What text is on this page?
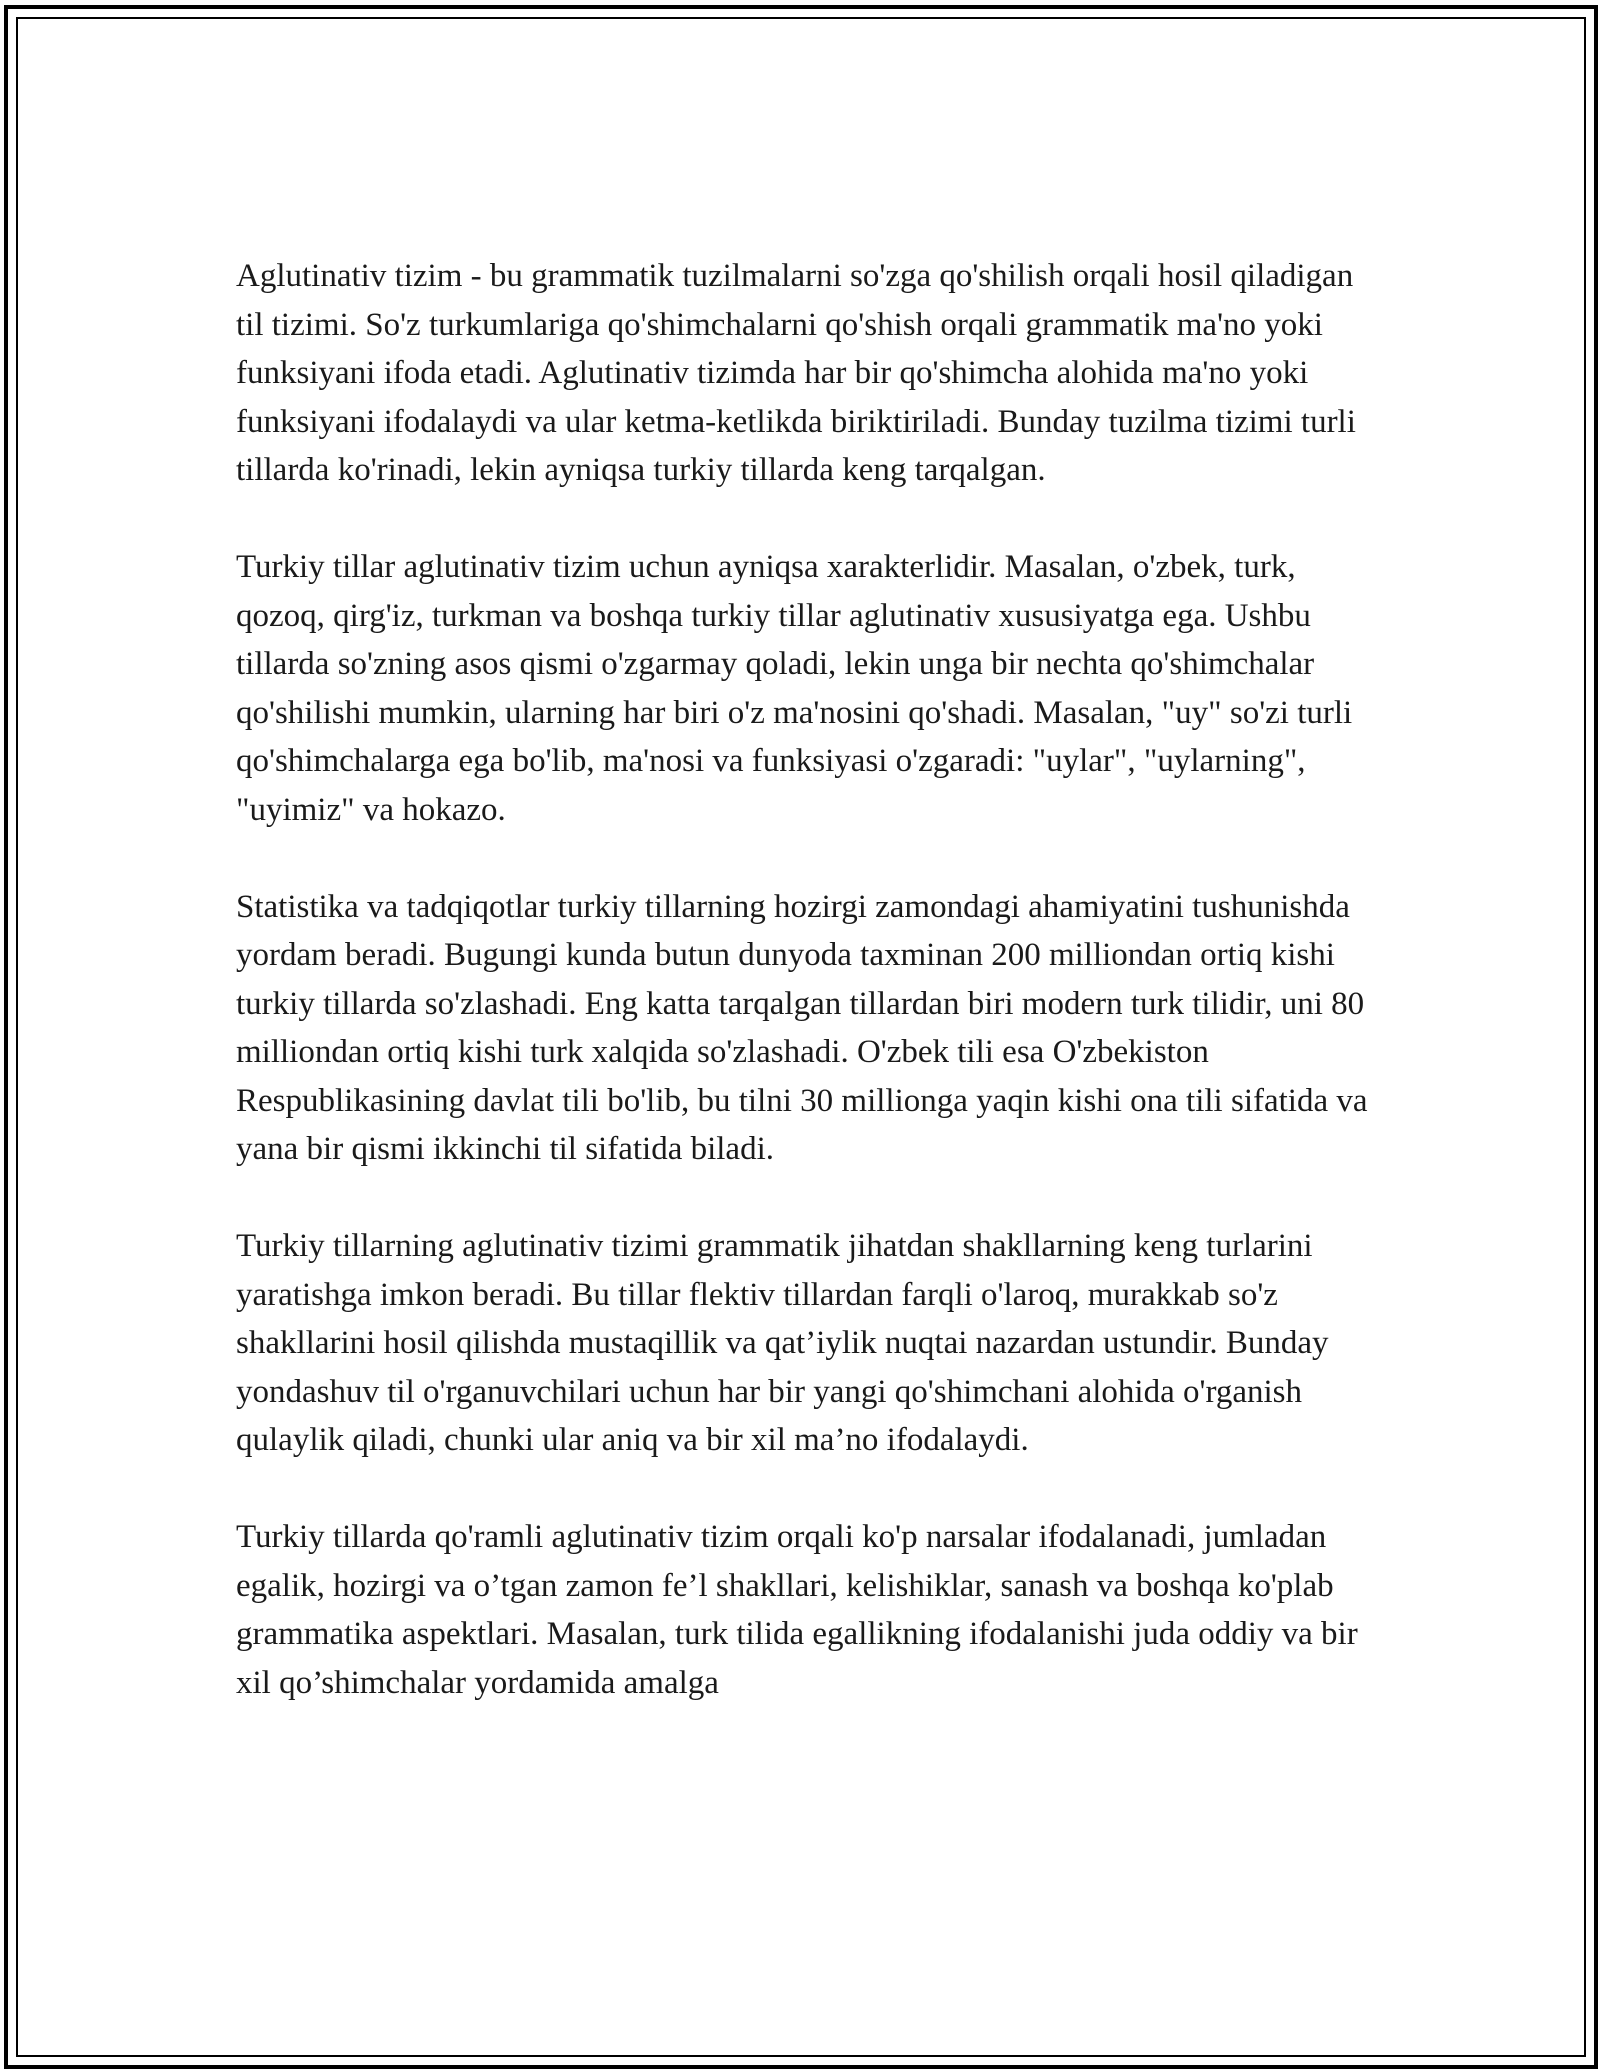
Aglutinativ tizim - bu grammatik tuzilmalarni so'zga qo'shilish orqali hosil qiladigan til tizimi. So'z turkumlariga qo'shimchalarni qo'shish orqali grammatik ma'no yoki funksiyani ifoda etadi. Aglutinativ tizimda har bir qo'shimcha alohida ma'no yoki funksiyani ifodalaydi va ular ketma-ketlikda biriktiriladi. Bunday tuzilma tizimi turli tillarda ko'rinadi, lekin ayniqsa turkiy tillarda keng tarqalgan.

Turkiy tillar aglutinativ tizim uchun ayniqsa xarakterlidir. Masalan, o'zbek, turk, qozoq, qirg'iz, turkman va boshqa turkiy tillar aglutinativ xususiyatga ega. Ushbu tillarda so'zning asos qismi o'zgarmay qoladi, lekin unga bir nechta qo'shimchalar qo'shilishi mumkin, ularning har biri o'z ma'nosini qo'shadi. Masalan, "uy" so'zi turli qo'shimchalarga ega bo'lib, ma'nosi va funksiyasi o'zgaradi: "uylar", "uylarning", "uyimiz" va hokazo.

Statistika va tadqiqotlar turkiy tillarning hozirgi zamondagi ahamiyatini tushunishda yordam beradi. Bugungi kunda butun dunyoda taxminan 200 milliondan ortiq kishi turkiy tillarda so'zlashadi. Eng katta tarqalgan tillardan biri modern turk tilidir, uni 80 milliondan ortiq kishi turk xalqida so'zlashadi. O'zbek tili esa O'zbekiston Respublikasining davlat tili bo'lib, bu tilni 30 millionga yaqin kishi ona tili sifatida va yana bir qismi ikkinchi til sifatida biladi.

Turkiy tillarning aglutinativ tizimi grammatik jihatdan shakllarning keng turlarini yaratishga imkon beradi. Bu tillar flektiv tillardan farqli o'laroq, murakkab so'z shakllarini hosil qilishda mustaqillik va qat’iylik nuqtai nazardan ustundir. Bunday yondashuv til o'rganuvchilari uchun har bir yangi qo'shimchani alohida o'rganish qulaylik qiladi, chunki ular aniq va bir xil ma’no ifodalaydi.

Turkiy tillarda qo'ramli aglutinativ tizim orqali ko'p narsalar ifodalanadi, jumladan egalik, hozirgi va o’tgan zamon fe’l shakllari, kelishiklar, sanash va boshqa ko'plab grammatika aspektlari. Masalan, turk tilida egallikning ifodalanishi juda oddiy va bir xil qo’shimchalar yordamida amalga
